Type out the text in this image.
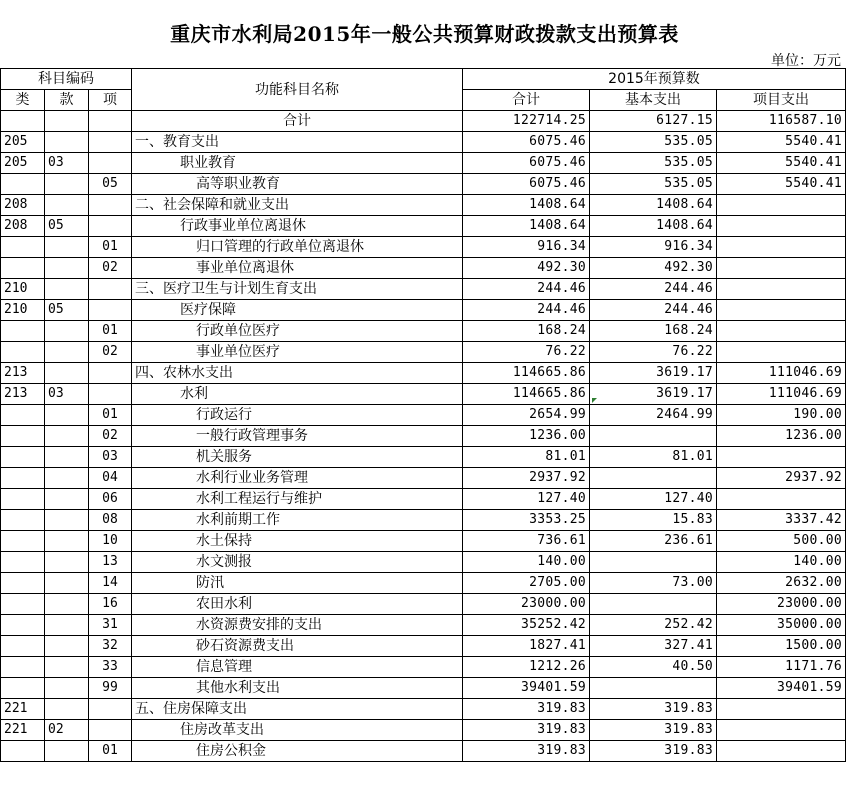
重庆市水利局2015年一般公共预算财政拨款支出预算表
单位：万元
科目编码			功能科目名称	2015年预算数		
类	款	项		合计	基本支出	项目支出
			合计	122714.25	6127.15	116587.10
205			一、教育支出	6075.46	535.05	5540.41
205	03		职业教育	6075.46	535.05	5540.41
		05	高等职业教育	6075.46	535.05	5540.41
208			二、社会保障和就业支出	1408.64	1408.64	
208	05		行政事业单位离退休	1408.64	1408.64	
		01	归口管理的行政单位离退休	916.34	916.34	
		02	事业单位离退休	492.30	492.30	
210			三、医疗卫生与计划生育支出	244.46	244.46	
210	05		医疗保障	244.46	244.46	
		01	行政单位医疗	168.24	168.24	
		02	事业单位医疗	76.22	76.22	
213			四、农林水支出	114665.86	3619.17	111046.69
213	03		水利	114665.86	3619.17	111046.69
		01	行政运行	2654.99	2464.99	190.00
		02	一般行政管理事务	1236.00		1236.00
		03	机关服务	81.01	81.01	
		04	水利行业业务管理	2937.92		2937.92
		06	水利工程运行与维护	127.40	127.40	
		08	水利前期工作	3353.25	15.83	3337.42
		10	水土保持	736.61	236.61	500.00
		13	水文测报	140.00		140.00
		14	防汛	2705.00	73.00	2632.00
		16	农田水利	23000.00		23000.00
		31	水资源费安排的支出	35252.42	252.42	35000.00
		32	砂石资源费支出	1827.41	327.41	1500.00
		33	信息管理	1212.26	40.50	1171.76
		99	其他水利支出	39401.59		39401.59
221			五、住房保障支出	319.83	319.83	
221	02		住房改革支出	319.83	319.83	
		01	住房公积金	319.83	319.83	
